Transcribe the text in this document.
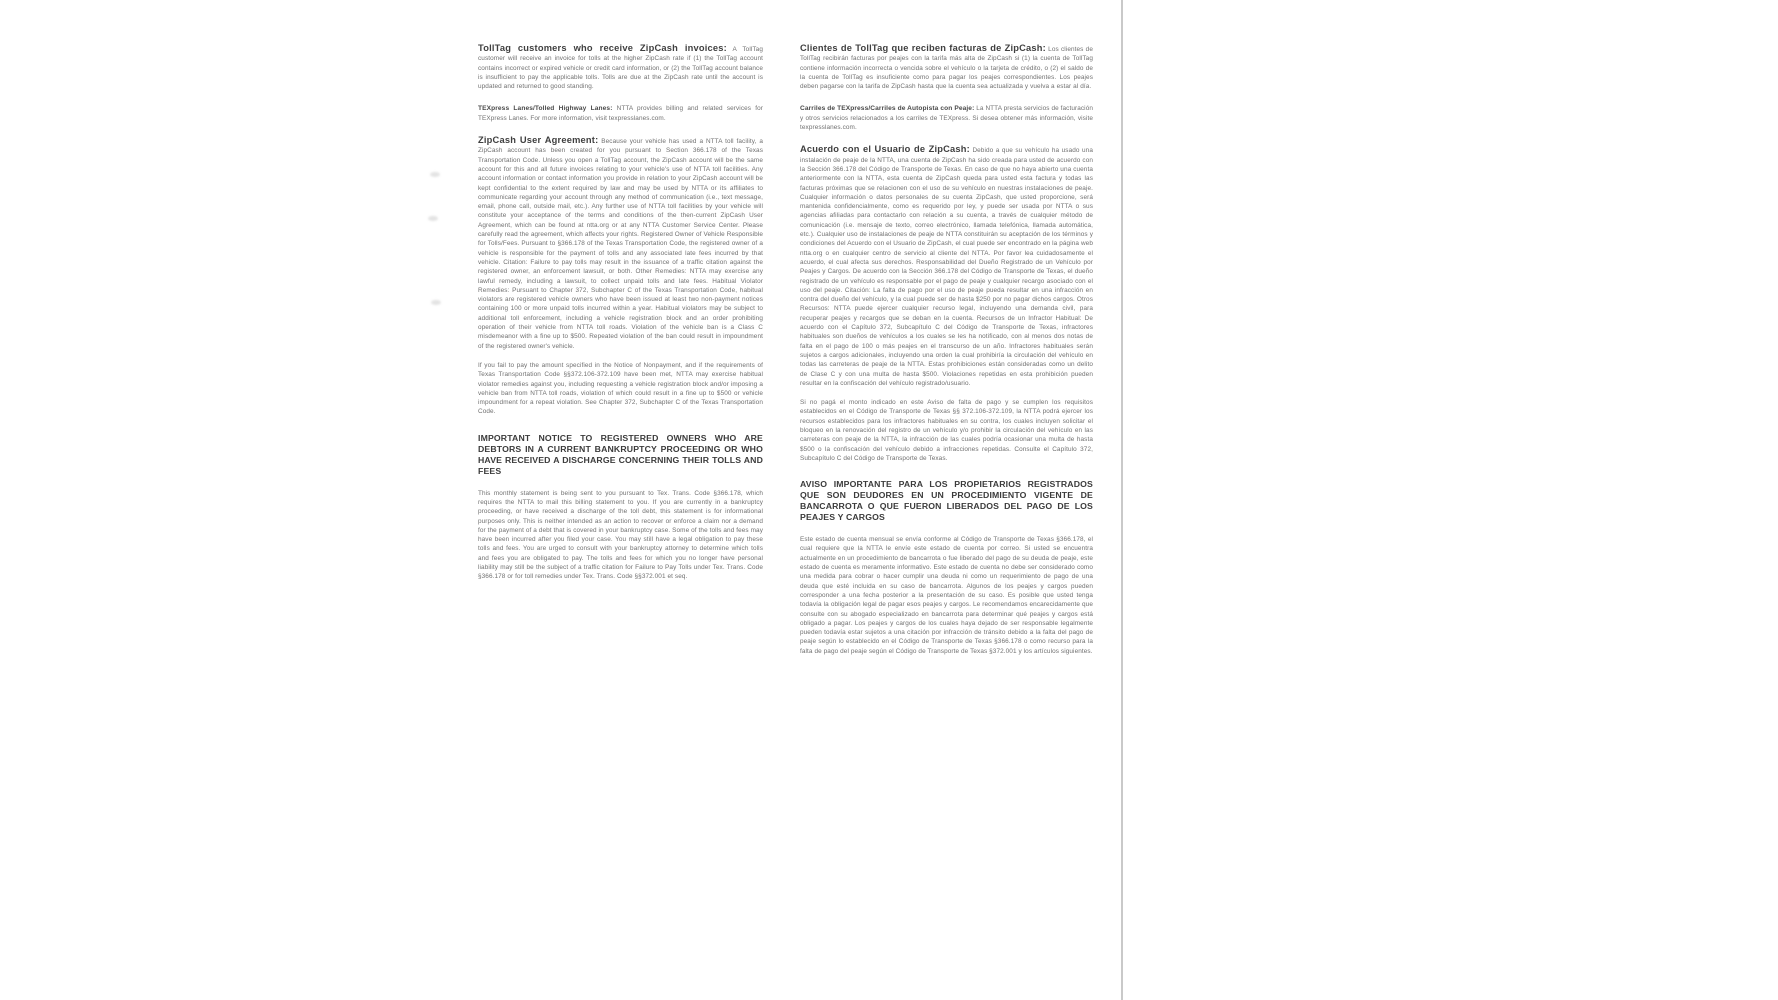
TollTag customers who receive ZipCash invoices: A TollTag customer will receive an invoice for tolls at the higher ZipCash rate if (1) the TollTag account contains incorrect or expired vehicle or credit card information, or (2) the TollTag account balance is insufficient to pay the applicable tolls. Tolls are due at the ZipCash rate until the account is updated and returned to good standing.

TEXpress Lanes/Tolled Highway Lanes: NTTA provides billing and related services for TEXpress Lanes. For more information, visit texpresslanes.com.

ZipCash User Agreement: Because your vehicle has used a NTTA toll facility, a ZipCash account has been created for you pursuant to Section 366.178 of the Texas Transportation Code. Unless you open a TollTag account, the ZipCash account will be the same account for this and all future invoices relating to your vehicle's use of NTTA toll facilities. Any account information or contact information you provide in relation to your ZipCash account will be kept confidential to the extent required by law and may be used by NTTA or its affiliates to communicate regarding your account through any method of communication (i.e., text message, email, phone call, outside mail, etc.). Any further use of NTTA toll facilities by your vehicle will constitute your acceptance of the terms and conditions of the then-current ZipCash User Agreement, which can be found at ntta.org or at any NTTA Customer Service Center. Please carefully read the agreement, which affects your rights. Registered Owner of Vehicle Responsible for Tolls/Fees. Pursuant to §366.178 of the Texas Transportation Code, the registered owner of a vehicle is responsible for the payment of tolls and any associated late fees incurred by that vehicle. Citation: Failure to pay tolls may result in the issuance of a traffic citation against the registered owner, an enforcement lawsuit, or both. Other Remedies: NTTA may exercise any lawful remedy, including a lawsuit, to collect unpaid tolls and late fees. Habitual Violator Remedies: Pursuant to Chapter 372, Subchapter C of the Texas Transportation Code, habitual violators are registered vehicle owners who have been issued at least two non-payment notices containing 100 or more unpaid tolls incurred within a year. Habitual violators may be subject to additional toll enforcement, including a vehicle registration block and an order prohibiting operation of their vehicle from NTTA toll roads. Violation of the vehicle ban is a Class C misdemeanor with a fine up to $500. Repeated violation of the ban could result in impoundment of the registered owner's vehicle.

If you fail to pay the amount specified in the Notice of Nonpayment, and if the requirements of Texas Transportation Code §§372.106-372.109 have been met, NTTA may exercise habitual violator remedies against you, including requesting a vehicle registration block and/or imposing a vehicle ban from NTTA toll roads, violation of which could result in a fine up to $500 or vehicle impoundment for a repeat violation. See Chapter 372, Subchapter C of the Texas Transportation Code.

IMPORTANT NOTICE TO REGISTERED OWNERS WHO ARE DEBTORS IN A CURRENT BANKRUPTCY PROCEEDING OR WHO HAVE RECEIVED A DISCHARGE CONCERNING THEIR TOLLS AND FEES

This monthly statement is being sent to you pursuant to Tex. Trans. Code §366.178, which requires the NTTA to mail this billing statement to you. If you are currently in a bankruptcy proceeding, or have received a discharge of the toll debt, this statement is for informational purposes only. This is neither intended as an action to recover or enforce a claim nor a demand for the payment of a debt that is covered in your bankruptcy case. Some of the tolls and fees may have been incurred after you filed your case. You may still have a legal obligation to pay these tolls and fees. You are urged to consult with your bankruptcy attorney to determine which tolls and fees you are obligated to pay. The tolls and fees for which you no longer have personal liability may still be the subject of a traffic citation for Failure to Pay Tolls under Tex. Trans. Code §366.178 or for toll remedies under Tex. Trans. Code §§372.001 et seq.

Clientes de TollTag que reciben facturas de ZipCash: Los clientes de TollTag recibirán facturas por peajes con la tarifa más alta de ZipCash si (1) la cuenta de TollTag contiene información incorrecta o vencida sobre el vehículo o la tarjeta de crédito, o (2) el saldo de la cuenta de TollTag es insuficiente como para pagar los peajes correspondientes. Los peajes deben pagarse con la tarifa de ZipCash hasta que la cuenta sea actualizada y vuelva a estar al día.

Carriles de TEXpress/Carriles de Autopista con Peaje: La NTTA presta servicios de facturación y otros servicios relacionados a los carriles de TEXpress. Si desea obtener más información, visite texpresslanes.com.

Acuerdo con el Usuario de ZipCash: Debido a que su vehículo ha usado una instalación de peaje de la NTTA, una cuenta de ZipCash ha sido creada para usted de acuerdo con la Sección 366.178 del Código de Transporte de Texas. En caso de que no haya abierto una cuenta anteriormente con la NTTA, esta cuenta de ZipCash queda para usted esta factura y todas las facturas próximas que se relacionen con el uso de su vehículo en nuestras instalaciones de peaje. Cualquier información o datos personales de su cuenta ZipCash, que usted proporcione, será mantenida confidencialmente, como es requerido por ley, y puede ser usada por NTTA o sus agencias afiliadas para contactarlo con relación a su cuenta, a través de cualquier método de comunicación (i.e. mensaje de texto, correo electrónico, llamada telefónica, llamada automática, etc.). Cualquier uso de instalaciones de peaje de NTTA constituirán su aceptación de los términos y condiciones del Acuerdo con el Usuario de ZipCash, el cual puede ser encontrado en la página web ntta.org o en cualquier centro de servicio al cliente del NTTA. Por favor lea cuidadosamente el acuerdo, el cual afecta sus derechos. Responsabilidad del Dueño Registrado de un Vehículo por Peajes y Cargos. De acuerdo con la Sección 366.178 del Código de Transporte de Texas, el dueño registrado de un vehículo es responsable por el pago de peaje y cualquier recargo asociado con el uso del peaje. Citación: La falta de pago por el uso de peaje pueda resultar en una infracción en contra del dueño del vehículo, y la cual puede ser de hasta $250 por no pagar dichos cargos. Otros Recursos: NTTA puede ejercer cualquier recurso legal, incluyendo una demanda civil, para recuperar peajes y recargos que se deban en la cuenta. Recursos de un Infractor Habitual: De acuerdo con el Capítulo 372, Subcapítulo C del Código de Transporte de Texas, infractores habituales son dueños de vehículos a los cuales se les ha notificado, con al menos dos notas de falta en el pago de 100 o más peajes en el transcurso de un año. Infractores habituales serán sujetos a cargos adicionales, incluyendo una orden la cual prohibiría la circulación del vehículo en todas las carreteras de peaje de la NTTA. Estas prohibiciones están consideradas como un delito de Clase C y con una multa de hasta $500. Violaciones repetidas en esta prohibición pueden resultar en la confiscación del vehículo registrado/usuario.

Si no pagá el monto indicado en este Aviso de falta de pago y se cumplen los requisitos establecidos en el Código de Transporte de Texas §§ 372.106-372.109, la NTTA podrá ejercer los recursos establecidos para los infractores habituales en su contra, los cuales incluyen solicitar el bloqueo en la renovación del registro de un vehículo y/o prohibir la circulación del vehículo en las carreteras con peaje de la NTTA, la infracción de las cuales podría ocasionar una multa de hasta $500 o la confiscación del vehículo debido a infracciones repetidas. Consulte el Capítulo 372, Subcapítulo C del Código de Transporte de Texas.

AVISO IMPORTANTE PARA LOS PROPIETARIOS REGISTRADOS QUE SON DEUDORES EN UN PROCEDIMIENTO VIGENTE DE BANCARROTA O QUE FUERON LIBERADOS DEL PAGO DE LOS PEAJES Y CARGOS

Este estado de cuenta mensual se envía conforme al Código de Transporte de Texas §366.178, el cual requiere que la NTTA le envíe este estado de cuenta por correo. Si usted se encuentra actualmente en un procedimiento de bancarrota o fue liberado del pago de su deuda de peaje, este estado de cuenta es meramente informativo. Este estado de cuenta no debe ser considerado como una medida para cobrar o hacer cumplir una deuda ni como un requerimiento de pago de una deuda que esté incluida en su caso de bancarrota. Algunos de los peajes y cargos pueden corresponder a una fecha posterior a la presentación de su caso. Es posible que usted tenga todavía la obligación legal de pagar esos peajes y cargos. Le recomendamos encarecidamente que consulte con su abogado especializado en bancarrota para determinar qué peajes y cargos está obligado a pagar. Los peajes y cargos de los cuales haya dejado de ser responsable legalmente pueden todavía estar sujetos a una citación por infracción de tránsito debido a la falta del pago de peaje según lo establecido en el Código de Transporte de Texas §366.178 o como recurso para la falta de pago del peaje según el Código de Transporte de Texas §372.001 y los artículos siguientes.
